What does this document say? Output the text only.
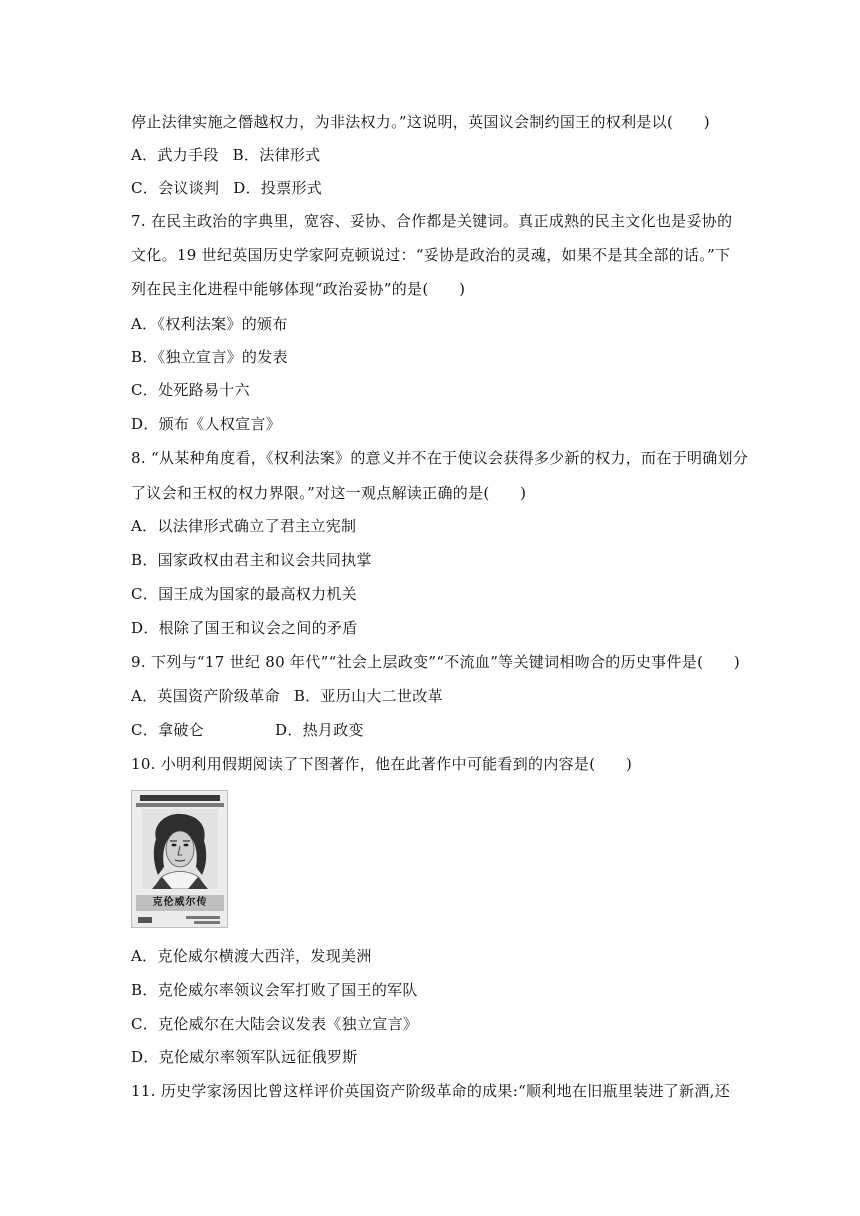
停止法律实施之僭越权力，为非法权力。”这说明，英国议会制约国王的权利是以(　　)
A．武力手段 B．法律形式
C．会议谈判 D．投票形式
7. 在民主政治的字典里，宽容、妥协、合作都是关键词。真正成熟的民主文化也是妥协的
文化。19 世纪英国历史学家阿克顿说过：“妥协是政治的灵魂，如果不是其全部的话。”下
列在民主化进程中能够体现“政治妥协”的是(　　)
A．《权利法案》的颁布
B．《独立宣言》的发表
C．处死路易十六
D．颁布《人权宣言》
8. “从某种角度看，《权利法案》的意义并不在于使议会获得多少新的权力，而在于明确划分
了议会和王权的权力界限。”对这一观点解读正确的是(　　)
A．以法律形式确立了君主立宪制
B．国家政权由君主和议会共同执掌
C．国王成为国家的最高权力机关
D．根除了国王和议会之间的矛盾
9. 下列与“17 世纪 80 年代”“社会上层政变”“不流血”等关键词相吻合的历史事件是(　　)
A．英国资产阶级革命 B．亚历山大二世改革
C．拿破仑	D．热月政变
10. 小明利用假期阅读了下图著作，他在此著作中可能看到的内容是(　　)
克伦威尔传
A．克伦威尔横渡大西洋，发现美洲
B．克伦威尔率领议会军打败了国王的军队
C．克伦威尔在大陆会议发表《独立宣言》
D．克伦威尔率领军队远征俄罗斯
11. 历史学家汤因比曾这样评价英国资产阶级革命的成果:“顺利地在旧瓶里装进了新酒,还
